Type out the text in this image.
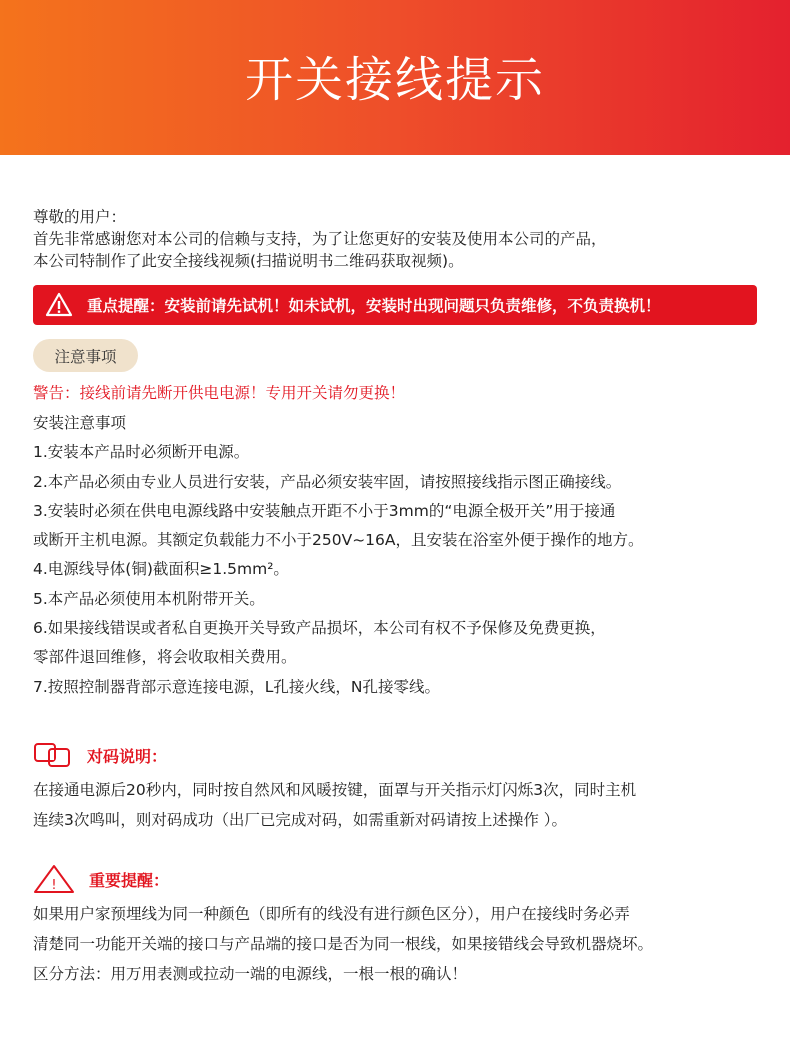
开关接线提示
尊敬的用户：
首先非常感谢您对本公司的信赖与支持，为了让您更好的安装及使用本公司的产品，
本公司特制作了此安全接线视频(扫描说明书二维码获取视频)。
重点提醒：安装前请先试机！如未试机，安装时出现问题只负责维修，不负责换机！
注意事项
警告：接线前请先断开供电电源！专用开关请勿更换！
安装注意事项
1.安装本产品时必须断开电源。
2.本产品必须由专业人员进行安装，产品必须安装牢固，请按照接线指示图正确接线。
3.安装时必须在供电电源线路中安装触点开距不小于3mm的“电源全极开关”用于接通
或断开主机电源。其额定负载能力不小于250V~16A，且安装在浴室外便于操作的地方。
4.电源线导体(铜)截面积≥1.5mm²。
5.本产品必须使用本机附带开关。
6.如果接线错误或者私自更换开关导致产品损坏，本公司有权不予保修及免费更换，
零部件退回维修，将会收取相关费用。
7.按照控制器背部示意连接电源，L孔接火线，N孔接零线。
对码说明：
在接通电源后20秒内，同时按自然风和风暖按键，面罩与开关指示灯闪烁3次，同时主机
连续3次鸣叫，则对码成功（出厂已完成对码，如需重新对码请按上述操作 ）。
! 重要提醒：
如果用户家预埋线为同一种颜色（即所有的线没有进行颜色区分），用户在接线时务必弄
清楚同一功能开关端的接口与产品端的接口是否为同一根线，如果接错线会导致机器烧坏。
区分方法：用万用表测或拉动一端的电源线，一根一根的确认！
